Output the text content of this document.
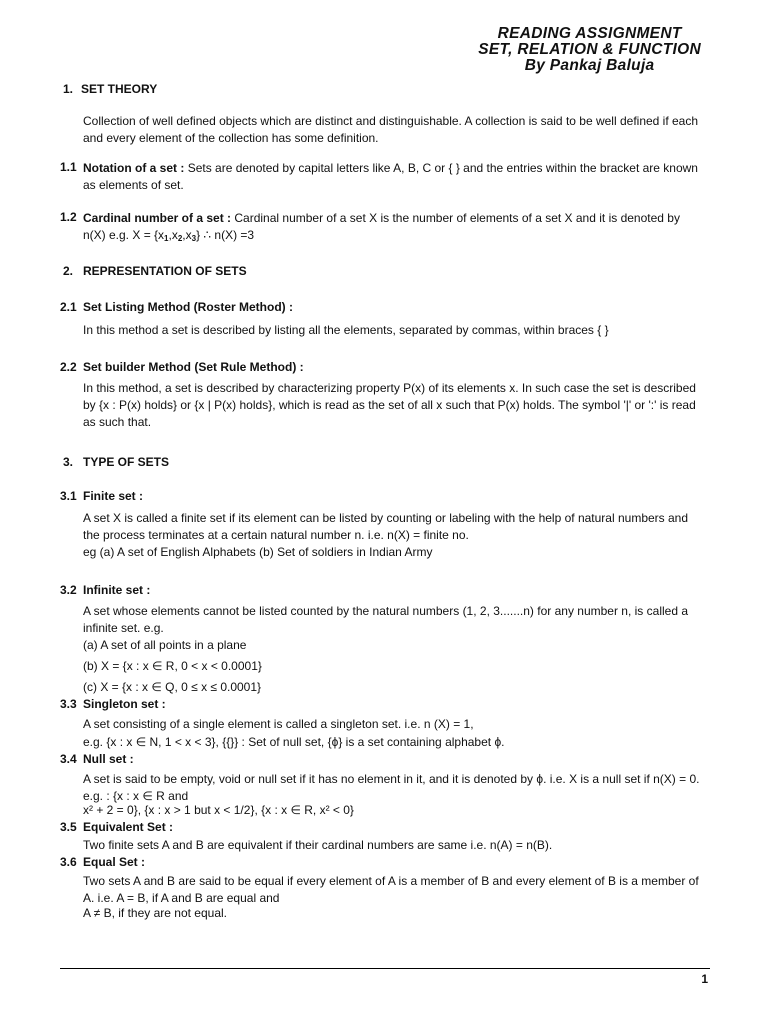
READING ASSIGNMENT
SET, RELATION & FUNCTION
By Pankaj Baluja
1. SET THEORY
Collection of well defined objects which are distinct and distinguishable. A collection is said to be well defined if each and every element of the collection has some definition.
1.1 Notation of a set : Sets are denoted by capital letters like A, B, C or { } and the entries within the bracket are known as elements of set.
1.2 Cardinal number of a set : Cardinal number of a set X is the number of elements of a set X and it is denoted by n(X) e.g. $X = \{x_1,x_2,x_3\}$ ∴ n(X) =3
2. REPRESENTATION OF SETS
2.1 Set Listing Method (Roster Method) :
In this method a set is described by listing all the elements, separated by commas, within braces { }
2.2 Set builder Method (Set Rule Method) :
In this method, a set is described by characterizing property P(x) of its elements x. In such case the set is described by {x : P(x) holds} or {x | P(x) holds}, which is read as the set of all x such that P(x) holds. The symbol '|' or ':' is read as such that.
3. TYPE OF SETS
3.1 Finite set :
A set X is called a finite set if its element can be listed by counting or labeling with the help of natural numbers and the process terminates at a certain natural number n. i.e. n(X) = finite no.
eg (a) A set of English Alphabets (b) Set of soldiers in Indian Army
3.2 Infinite set :
A set whose elements cannot be listed counted by the natural numbers (1, 2, 3.......n) for any number n, is called a infinite set. e.g.
(a) A set of all points in a plane
(b) X = {x : x ∈ R, 0 < x < 0.0001}
(c) X = {x : x ∈ Q, 0 ≤ x ≤ 0.0001}
3.3 Singleton set :
A set consisting of a single element is called a singleton set. i.e. n (X) = 1,
e.g. {x : x ∈ N, 1 < x < 3}, {{}} : Set of null set, {ϕ} is a set containing alphabet ϕ.
3.4 Null set :
A set is said to be empty, void or null set if it has no element in it, and it is denoted by ϕ. i.e. X is a null set if n(X) = 0. e.g. : {x : x ∈ R and
x² + 2 = 0}, {x : x > 1 but x < 1/2}, {x : x ∈ R, x² < 0}
3.5 Equivalent Set :
Two finite sets A and B are equivalent if their cardinal numbers are same i.e. n(A) = n(B).
3.6 Equal Set :
Two sets A and B are said to be equal if every element of A is a member of B and every element of B is a member of A. i.e. A = B, if A and B are equal and
A ≠ B, if they are not equal.
1
